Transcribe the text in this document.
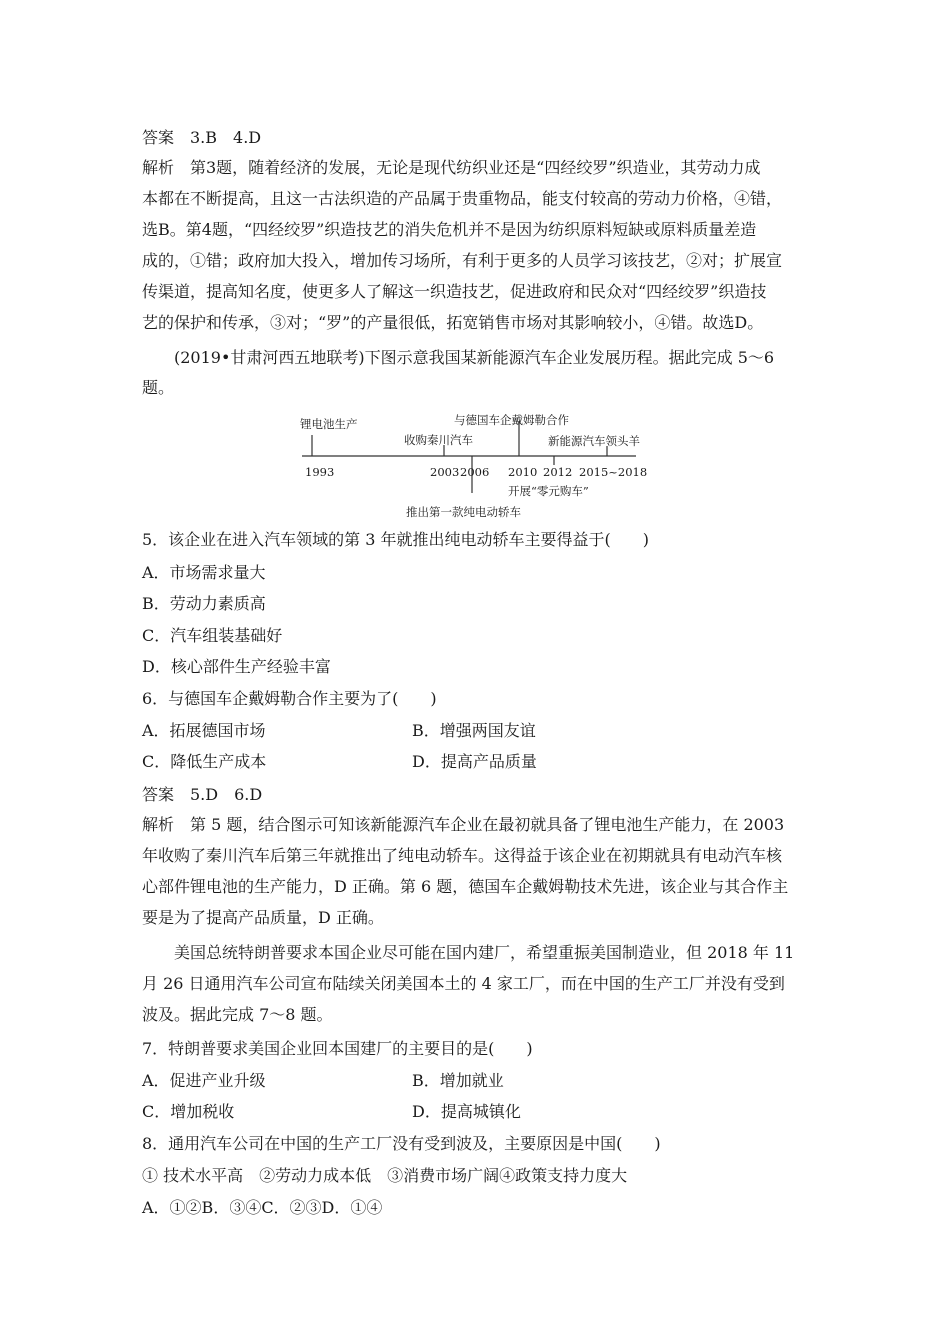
答案　3.B　4.D
解析　第3题，随着经济的发展，无论是现代纺织业还是“四经绞罗”织造业，其劳动力成
本都在不断提高，且这一古法织造的产品属于贵重物品，能支付较高的劳动力价格，④错，
选B。第4题，“四经绞罗”织造技艺的消失危机并不是因为纺织原料短缺或原料质量差造
成的，①错；政府加大投入，增加传习场所，有利于更多的人员学习该技艺，②对；扩展宣
传渠道，提高知名度，使更多人了解这一织造技艺，促进政府和民众对“四经绞罗”织造技
艺的保护和传承，③对；“罗”的产量很低，拓宽销售市场对其影响较小，④错。故选D。
(2019•甘肃河西五地联考)下图示意我国某新能源汽车企业发展历程。据此完成 5～6
题。
1993	2003 2006 2010 2012 2015~2018
锂电池生产
收购秦川汽车
与德国车企戴姆勒合作
新能源汽车领头羊
开展“零元购车”
推出第一款纯电动轿车
5．该企业在进入汽车领域的第 3 年就推出纯电动轿车主要得益于(　　)
A．市场需求量大
B．劳动力素质高
C．汽车组装基础好
D．核心部件生产经验丰富
6．与德国车企戴姆勒合作主要为了(　　)
A．拓展德国市场	B．增强两国友谊
C．降低生产成本	D．提高产品质量
答案　5.D　6.D
解析　第 5 题，结合图示可知该新能源汽车企业在最初就具备了锂电池生产能力，在 2003
年收购了秦川汽车后第三年就推出了纯电动轿车。这得益于该企业在初期就具有电动汽车核
心部件锂电池的生产能力，D 正确。第 6 题，德国车企戴姆勒技术先进，该企业与其合作主
要是为了提高产品质量，D 正确。
美国总统特朗普要求本国企业尽可能在国内建厂，希望重振美国制造业，但 2018 年 11
月 26 日通用汽车公司宣布陆续关闭美国本土的 4 家工厂，而在中国的生产工厂并没有受到
波及。据此完成 7～8 题。
7．特朗普要求美国企业回本国建厂的主要目的是(　　)
A．促进产业升级	B．增加就业
C．增加税收	D．提高城镇化
8．通用汽车公司在中国的生产工厂没有受到波及，主要原因是中国(　　)
① 技术水平高　②劳动力成本低　③消费市场广阔④政策支持力度大
A．①②B．③④C．②③D．①④
